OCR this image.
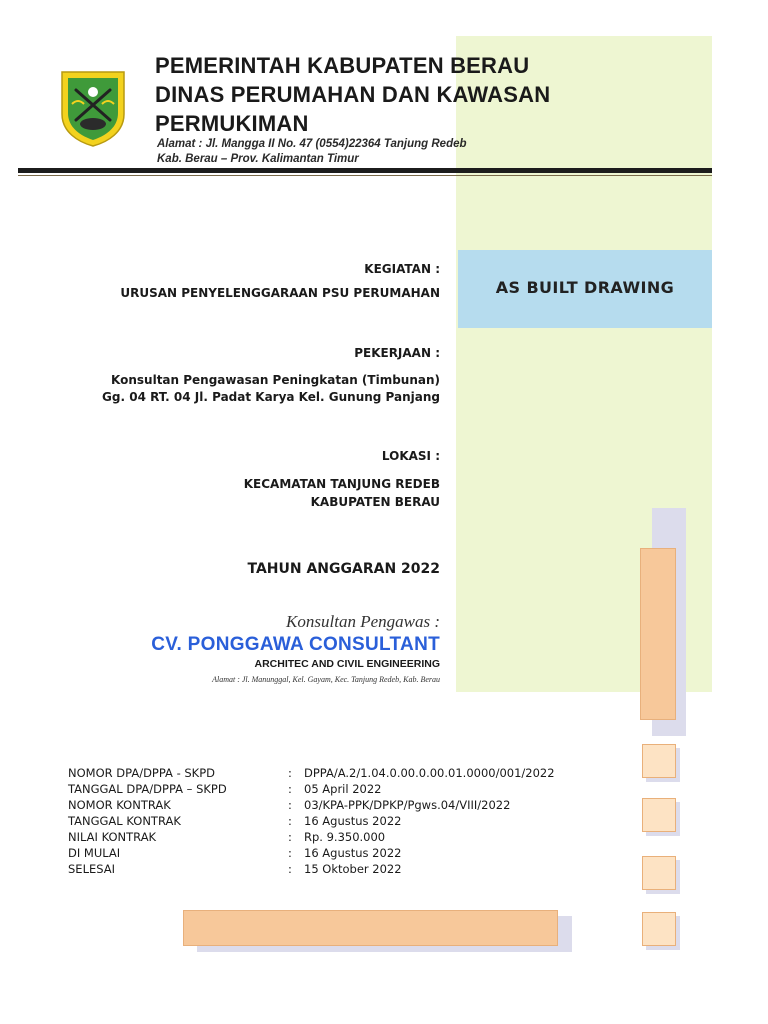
PEMERINTAH KABUPATEN BERAU
DINAS PERUMAHAN DAN KAWASAN
PERMUKIMAN
Alamat : Jl. Mangga II No. 47 (0554)22364 Tanjung Redeb
Kab. Berau – Prov. Kalimantan Timur
KEGIATAN :
URUSAN PENYELENGGARAAN PSU PERUMAHAN	AS BUILT DRAWING
PEKERJAAN :
Konsultan Pengawasan Peningkatan (Timbunan)
Gg. 04 RT. 04 Jl. Padat Karya Kel. Gunung Panjang
LOKASI :
KECAMATAN TANJUNG REDEB
KABUPATEN BERAU
TAHUN ANGGARAN 2022
Konsultan Pengawas :
CV. PONGGAWA CONSULTANT
ARCHITEC AND CIVIL ENGINEERING
Alamat : Jl. Manunggal, Kel. Gayam, Kec. Tanjung Redeb, Kab. Berau
NOMOR DPA/DPPA - SKPD	: DPPA/A.2/1.04.0.00.0.00.01.0000/001/2022
TANGGAL DPA/DPPA – SKPD	: 05 April 2022
NOMOR KONTRAK	: 03/KPA-PPK/DPKP/Pgws.04/VIII/2022
TANGGAL KONTRAK	: 16 Agustus 2022
NILAI KONTRAK	: Rp. 9.350.000
DI MULAI	: 16 Agustus 2022
SELESAI	: 15 Oktober 2022
